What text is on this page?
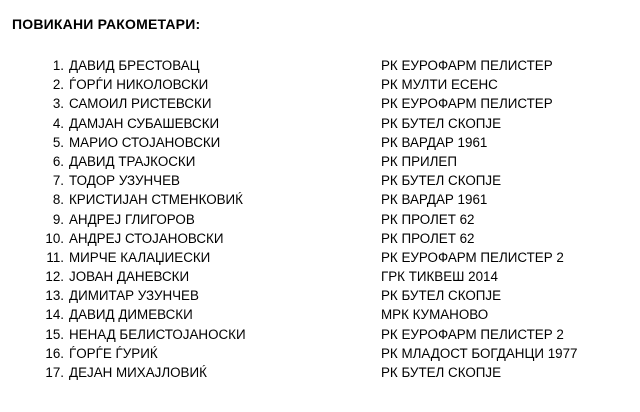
ПОВИКАНИ РАКОМЕТАРИ:
1. ДАВИД БРЕСТОВАЦ	РК ЕУРОФАРМ ПЕЛИСТЕР
2. ЃОРЃИ НИКОЛОВСКИ	РК МУЛТИ ЕСЕНС
3. САМОИЛ РИСТЕВСКИ	РК ЕУРОФАРМ ПЕЛИСТЕР
4. ДАМЈАН СУБАШЕВСКИ	РК БУТЕЛ СКОПЈЕ
5. МАРИО СТОЈАНОВСКИ	РК ВАРДАР 1961
6. ДАВИД ТРАЈКОСКИ	РК ПРИЛЕП
7. ТОДОР УЗУНЧЕВ	РК БУТЕЛ СКОПЈЕ
8. КРИСТИЈАН СТМЕНКОВИЌ	РК ВАРДАР 1961
9. АНДРЕЈ ГЛИГОРОВ	РК ПРОЛЕТ 62
10. АНДРЕЈ СТОЈАНОВСКИ	РК ПРОЛЕТ 62
11. МИРЧЕ КАЛАЏИЕСКИ	РК ЕУРОФАРМ ПЕЛИСТЕР 2
12. ЈОВАН ДАНЕВСКИ	ГРК ТИКВЕШ 2014
13. ДИМИТАР УЗУНЧЕВ	РК БУТЕЛ СКОПЈЕ
14. ДАВИД ДИМЕВСКИ	МРК КУМАНОВО
15. НЕНАД БЕЛИСТОЈАНОСКИ	РК ЕУРОФАРМ ПЕЛИСТЕР 2
16. ЃОРЃЕ ЃУРИЌ	РК МЛАДОСТ БОГДАНЦИ 1977
17. ДЕЈАН МИХАЈЛОВИЌ	РК БУТЕЛ СКОПЈЕ
